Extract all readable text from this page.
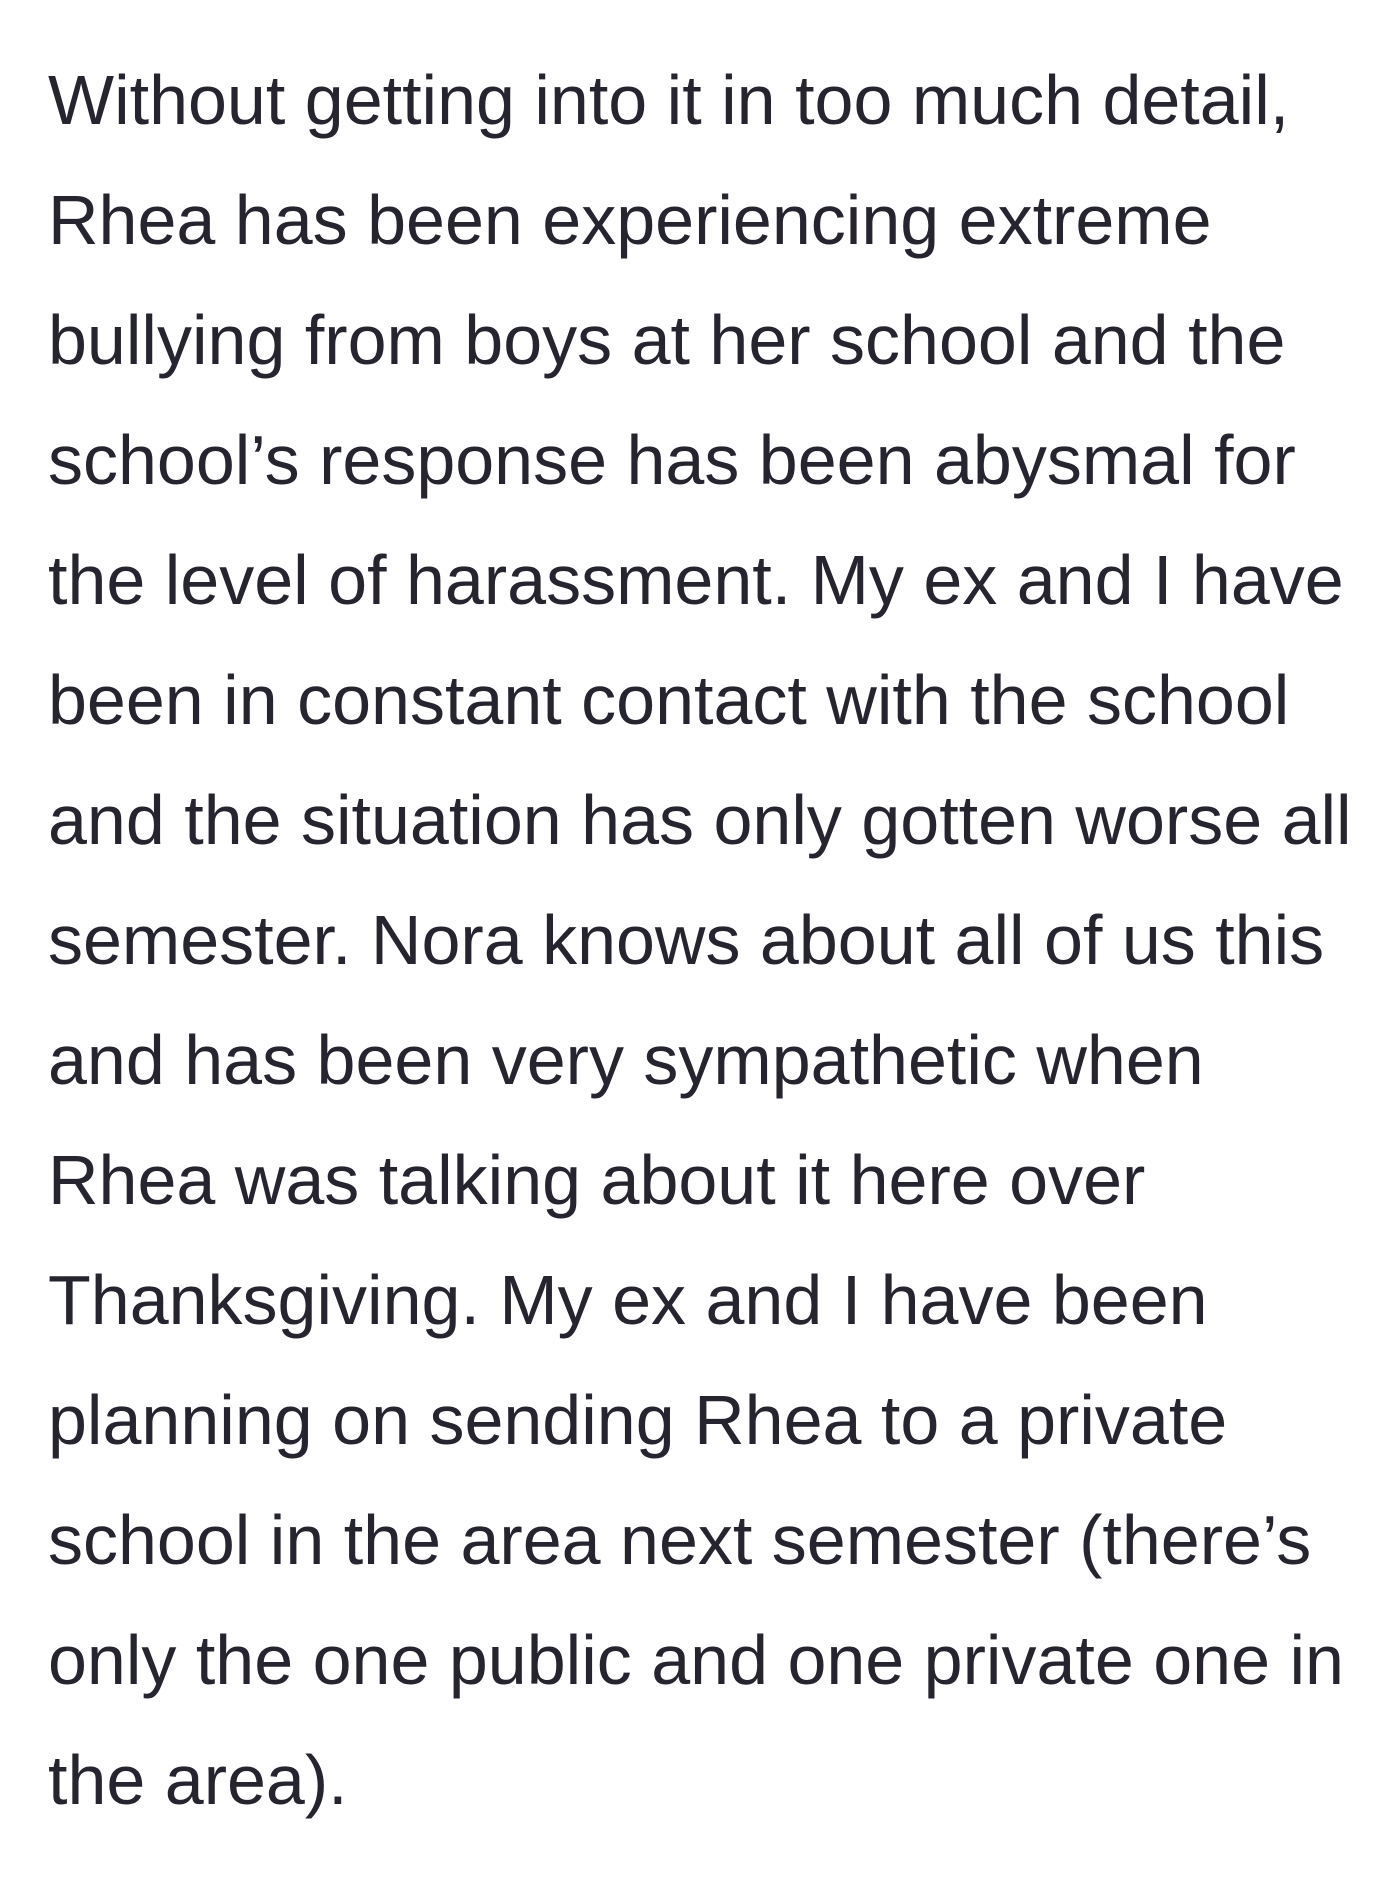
Without getting into it in too much detail,
Rhea has been experiencing extreme
bullying from boys at her school and the
school’s response has been abysmal for
the level of harassment. My ex and I have
been in constant contact with the school
and the situation has only gotten worse all
semester. Nora knows about all of us this
and has been very sympathetic when
Rhea was talking about it here over
Thanksgiving. My ex and I have been
planning on sending Rhea to a private
school in the area next semester (there’s
only the one public and one private one in
the area).
